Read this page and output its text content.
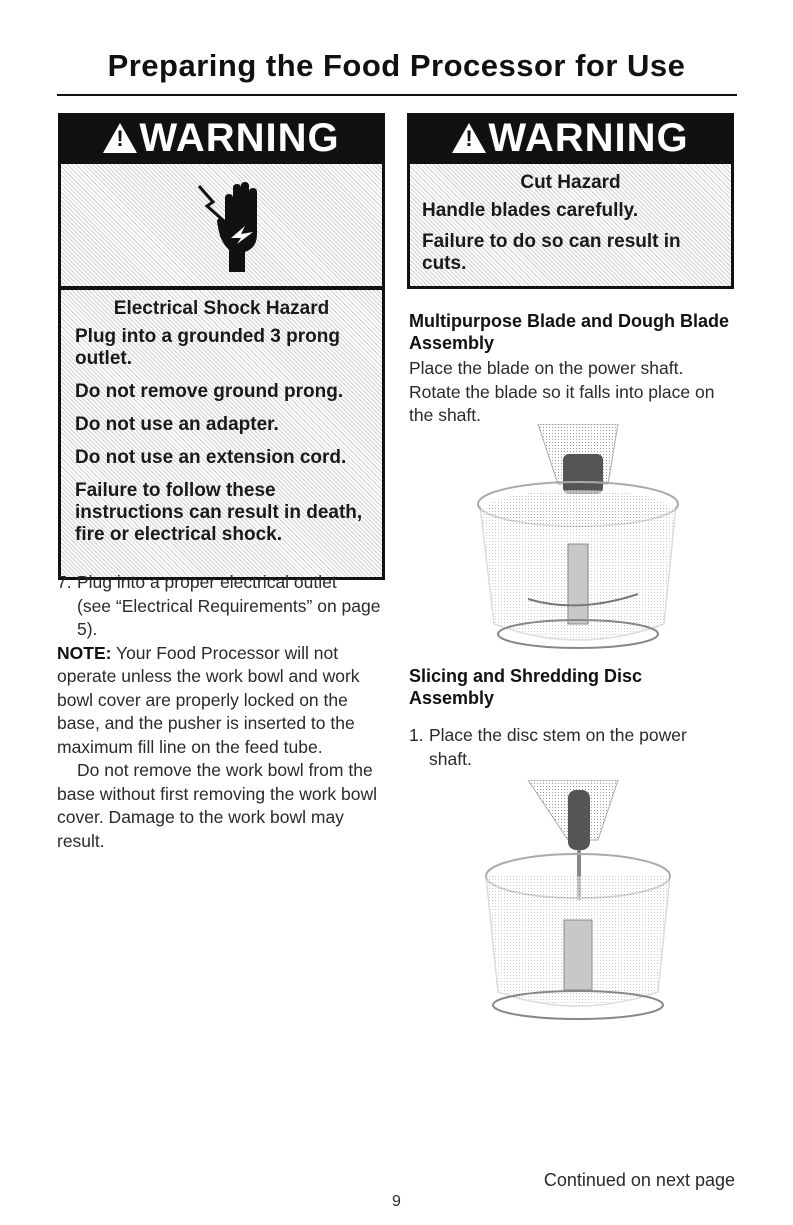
Preparing the Food Processor for Use
!
WARNING

Electrical Shock Hazard

Plug into a grounded 3 prong outlet.

Do not remove ground prong.

Do not use an adapter.

Do not use an extension cord.

Failure to follow these instructions can result in death, fire or electrical shock.

!
WARNING

Cut Hazard

Handle blades carefully.

Failure to do so can result in cuts.

7. Plug into a proper electrical outlet

(see “Electrical Requirements” on page 5).

NOTE: Your Food Processor will not operate unless the work bowl and work bowl cover are properly locked on the base, and the pusher is inserted to the maximum fill line on the feed tube.

Do not remove the work bowl from the base without first removing the work bowl cover. Damage to the work bowl may result.

Multipurpose Blade and Dough Blade Assembly

Place the blade on the power shaft. Rotate the blade so it falls into place on the shaft.

Slicing and Shredding Disc Assembly
1. Place the disc stem on the power shaft.
Continued on next page
9
